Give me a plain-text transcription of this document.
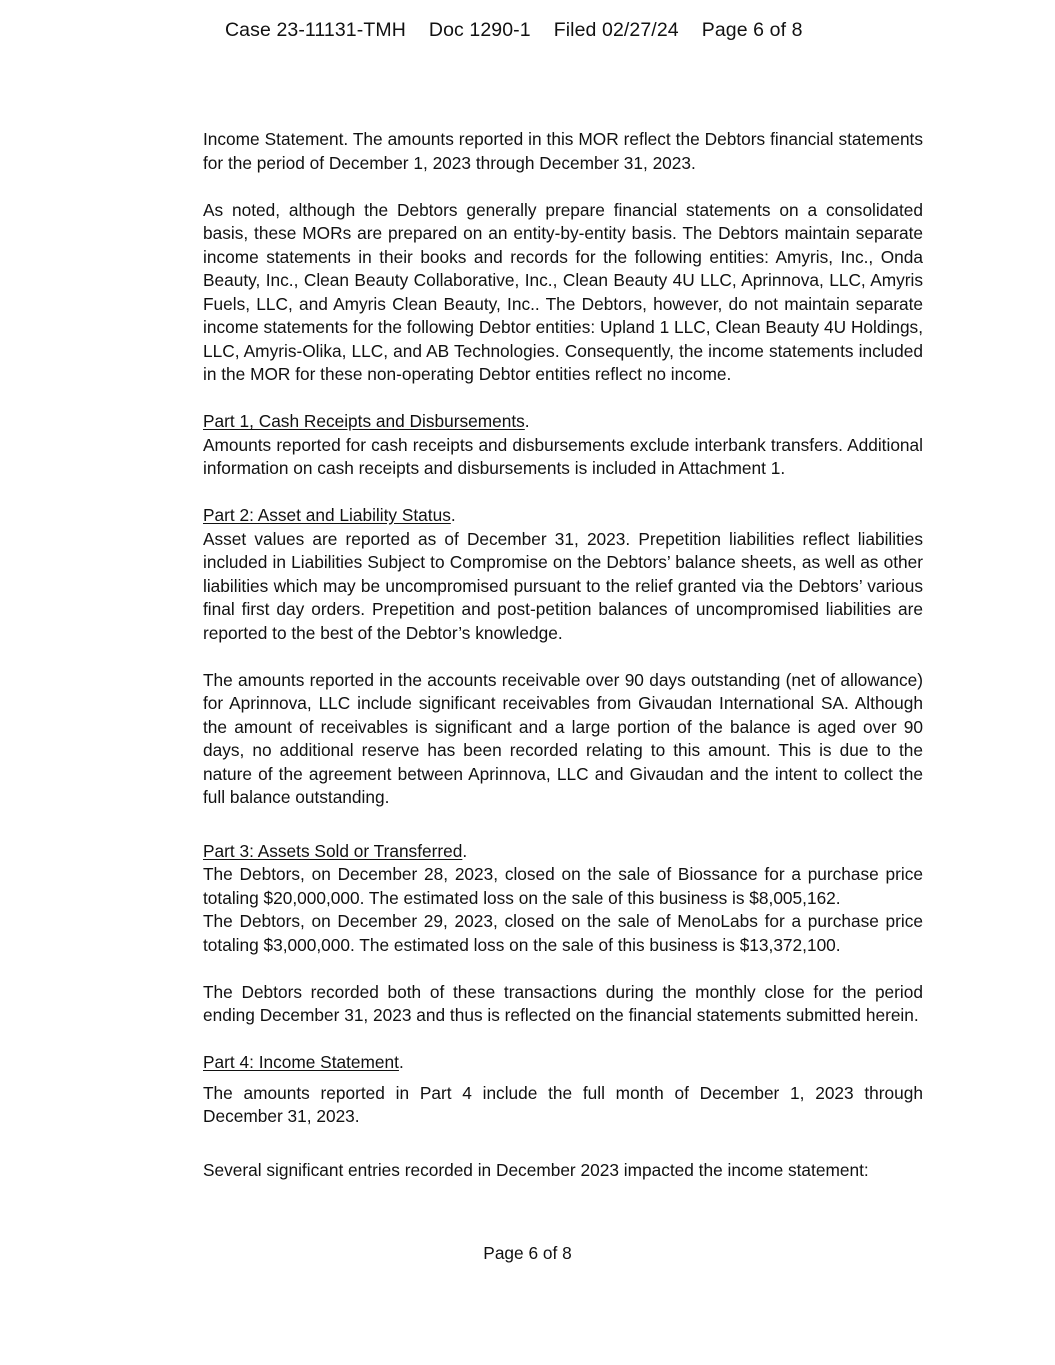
Case 23-11131-TMH Doc 1290-1 Filed 02/27/24 Page 6 of 8

Income Statement. The amounts reported in this MOR reflect the Debtors financial statements for the period of December 1, 2023 through December 31, 2023.

As noted, although the Debtors generally prepare financial statements on a consolidated basis, these MORs are prepared on an entity-by-entity basis. The Debtors maintain separate income statements in their books and records for the following entities: Amyris, Inc., Onda Beauty, Inc., Clean Beauty Collaborative, Inc., Clean Beauty 4U LLC, Aprinnova, LLC, Amyris Fuels, LLC, and Amyris Clean Beauty, Inc.. The Debtors, however, do not maintain separate income statements for the following Debtor entities: Upland 1 LLC, Clean Beauty 4U Holdings, LLC, Amyris-Olika, LLC, and AB Technologies. Consequently, the income statements included in the MOR for these non-operating Debtor entities reflect no income.

Part 1, Cash Receipts and Disbursements.

Amounts reported for cash receipts and disbursements exclude interbank transfers. Additional information on cash receipts and disbursements is included in Attachment 1.

Part 2: Asset and Liability Status.

Asset values are reported as of December 31, 2023. Prepetition liabilities reflect liabilities included in Liabilities Subject to Compromise on the Debtors’ balance sheets, as well as other liabilities which may be uncompromised pursuant to the relief granted via the Debtors’ various final first day orders. Prepetition and post-petition balances of uncompromised liabilities are reported to the best of the Debtor’s knowledge.

The amounts reported in the accounts receivable over 90 days outstanding (net of allowance) for Aprinnova, LLC include significant receivables from Givaudan International SA. Although the amount of receivables is significant and a large portion of the balance is aged over 90 days, no additional reserve has been recorded relating to this amount. This is due to the nature of the agreement between Aprinnova, LLC and Givaudan and the intent to collect the full balance outstanding.

Part 3: Assets Sold or Transferred.

The Debtors, on December 28, 2023, closed on the sale of Biossance for a purchase price totaling $20,000,000. The estimated loss on the sale of this business is $8,005,162.

The Debtors, on December 29, 2023, closed on the sale of MenoLabs for a purchase price totaling $3,000,000. The estimated loss on the sale of this business is $13,372,100.

The Debtors recorded both of these transactions during the monthly close for the period ending December 31, 2023 and thus is reflected on the financial statements submitted herein.

Part 4: Income Statement.

The amounts reported in Part 4 include the full month of December 1, 2023 through December 31, 2023.

Several significant entries recorded in December 2023 impacted the income statement:

Page 6 of 8
